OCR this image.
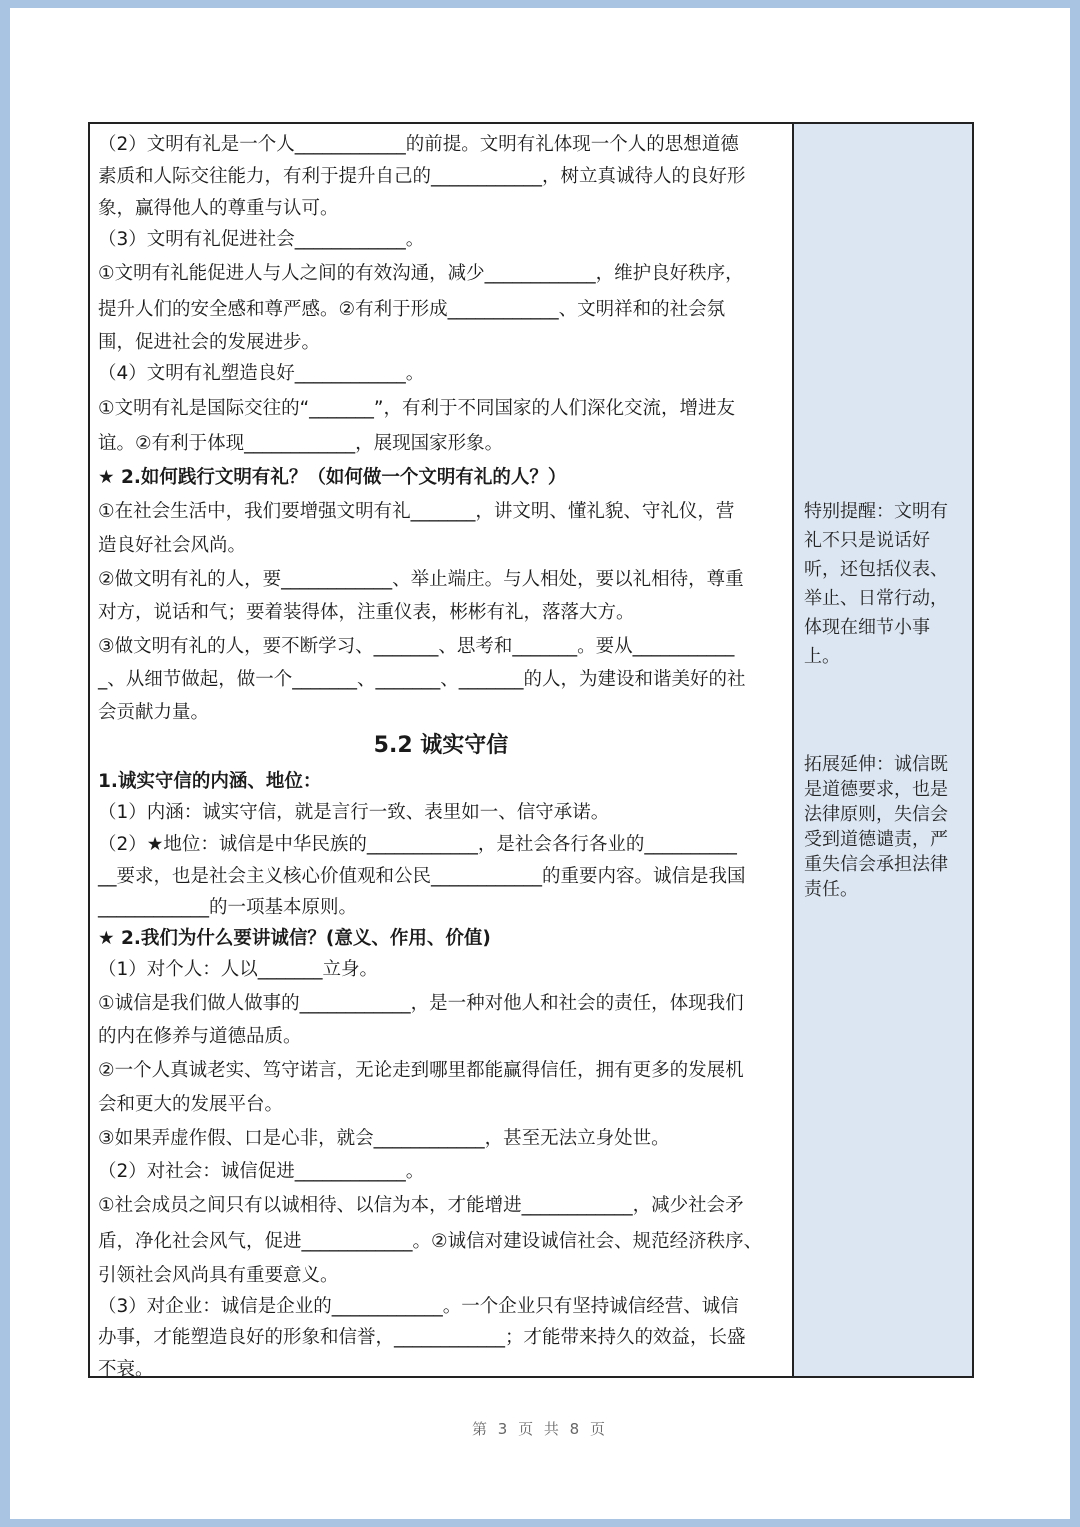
（2）文明有礼是一个人____________的前提。文明有礼体现一个人的思想道德
素质和人际交往能力，有利于提升自己的____________，树立真诚待人的良好形
象，赢得他人的尊重与认可。
（3）文明有礼促进社会____________。
①文明有礼能促进人与人之间的有效沟通，减少____________，维护良好秩序，
提升人们的安全感和尊严感。②有利于形成____________、文明祥和的社会氛
围，促进社会的发展进步。
（4）文明有礼塑造良好____________。
①文明有礼是国际交往的“_______”，有利于不同国家的人们深化交流，增进友
谊。②有利于体现____________，展现国家形象。
★ 2.如何践行文明有礼？（如何做一个文明有礼的人？）
①在社会生活中，我们要增强文明有礼_______，讲文明、懂礼貌、守礼仪，营
造良好社会风尚。
②做文明有礼的人，要____________、举止端庄。与人相处，要以礼相待，尊重
对方，说话和气；要着装得体，注重仪表，彬彬有礼，落落大方。
③做文明有礼的人，要不断学习、_______、思考和_______。要从___________
_、从细节做起，做一个_______、_______、_______的人，为建设和谐美好的社
会贡献力量。
5.2 诚实守信
1.诚实守信的内涵、地位：
（1）内涵：诚实守信，就是言行一致、表里如一、信守承诺。
（2）★地位：诚信是中华民族的____________，是社会各行各业的__________
__要求，也是社会主义核心价值观和公民____________的重要内容。诚信是我国
____________的一项基本原则。
★ 2.我们为什么要讲诚信？(意义、作用、价值)
（1）对个人：人以_______立身。
①诚信是我们做人做事的____________，是一种对他人和社会的责任，体现我们
的内在修养与道德品质。
②一个人真诚老实、笃守诺言，无论走到哪里都能赢得信任，拥有更多的发展机
会和更大的发展平台。
③如果弄虚作假、口是心非，就会____________，甚至无法立身处世。
（2）对社会：诚信促进____________。
①社会成员之间只有以诚相待、以信为本，才能增进____________，减少社会矛
盾，净化社会风气，促进____________。②诚信对建设诚信社会、规范经济秩序、
引领社会风尚具有重要意义。
（3）对企业：诚信是企业的____________。一个企业只有坚持诚信经营、诚信
办事，才能塑造良好的形象和信誉，____________；才能带来持久的效益，长盛
不衰。
特别提醒：文明有礼不只是说话好听，还包括仪表、举止、日常行动，体现在细节小事上。
拓展延伸：诚信既是道德要求，也是法律原则，失信会受到道德谴责，严重失信会承担法律责任。
第 3 页 共 8 页
